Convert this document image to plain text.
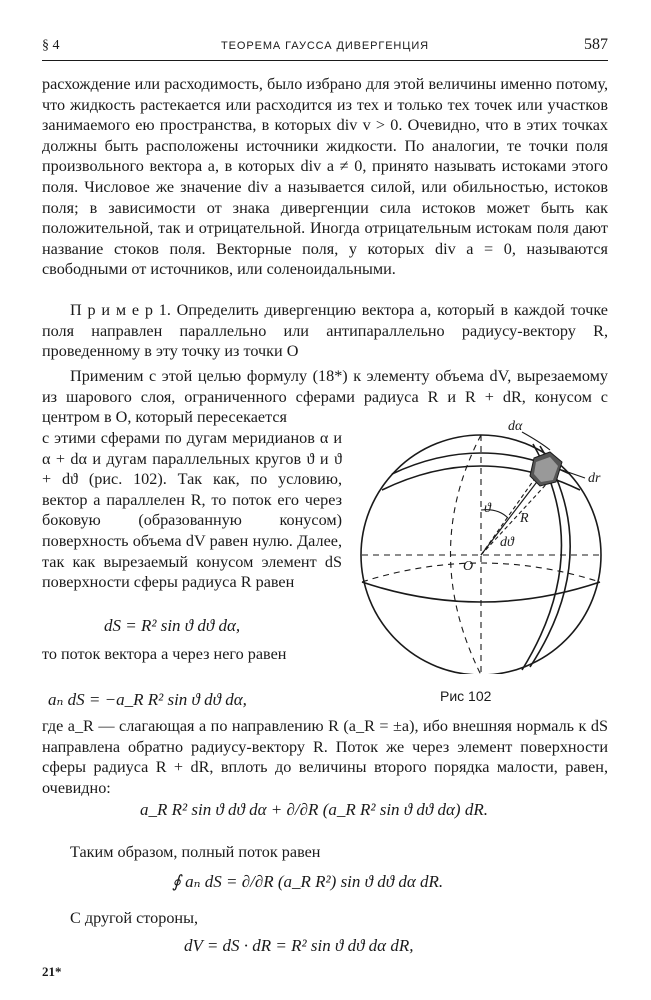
§ 4	ТЕОРЕМА ГАУССА ДИВЕРГЕНЦИЯ	587

расхождение или расходимость, было избрано для этой величины именно потому, что жидкость растекается или расходится из тех и только тех точек или участков занимаемого ею пространства, в которых div v > 0. Очевидно, что в этих точках должны быть расположены источники жидкости. По аналогии, те точки поля произвольного вектора a, в которых div a ≠ 0, принято называть истоками этого поля. Числовое же значение div a называется силой, или обильностью, истоков поля; в зависимости от знака дивергенции сила истоков может быть как положительной, так и отрицательной. Иногда отрицательным истокам поля дают название стоков поля. Векторные поля, у которых div a = 0, называются свободными от источников, или соленоидальными.

П р и м е р 1. Определить дивергенцию вектора a, который в каждой точке поля направлен параллельно или антипараллельно радиусу-вектору R, проведенному в эту точку из точки O

Применим с этой целью формулу (18*) к элементу объема dV, вырезаемому из шарового слоя, ограниченного сферами радиуса R и R + dR, конусом с центром в O, который пересекается

с этими сферами по дугам меридианов α и α + dα и дугам параллельных кругов ϑ и ϑ + dϑ (рис. 102). Так как, по условию, вектор a параллелен R, то поток его через боковую (образованную конусом) поверхность объема dV равен нулю. Далее, так как вырезаемый конусом элемент dS поверхности сферы радиуса R равен

dS = R² sin ϑ dϑ dα,

то поток вектора a через него равен

aₙ dS = −a_R R² sin ϑ dϑ dα,
dα
dr
ϑ
R
dϑ
O
Рис 102

где a_R — слагающая a по направлению R (a_R = ±a), ибо внешняя нормаль к dS направлена обратно радиусу-вектору R. Поток же через элемент поверхности сферы радиуса R + dR, вплоть до величины второго порядка малости, равен, очевидно:

a_R R² sin ϑ dϑ dα + ∂/∂R (a_R R² sin ϑ dϑ dα) dR.

Таким образом, полный поток равен

∮ aₙ dS = ∂/∂R (a_R R²) sin ϑ dϑ dα dR.

С другой стороны,

dV = dS · dR = R² sin ϑ dϑ dα dR,
21*
